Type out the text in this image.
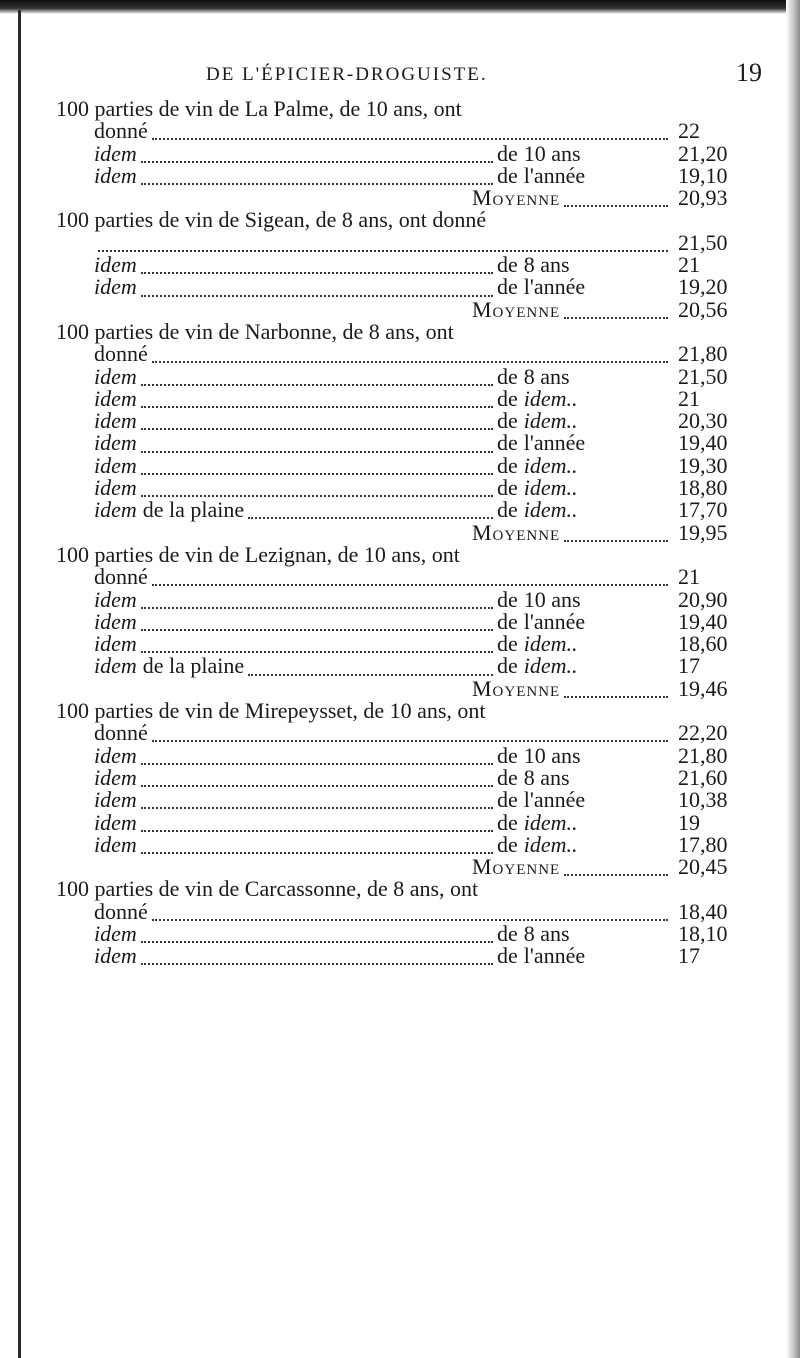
DE L'ÉPICIER-DROGUISTE.	19
100 parties de vin de La Palme, de 10 ans, ont
donné	22
idem	de 10 ans	21,20
idem	de l'année	19,10
Moyenne	20,93
100 parties de vin de Sigean, de 8 ans, ont donné
21,50
idem	de 8 ans	21
idem	de l'année	19,20
Moyenne	20,56
100 parties de vin de Narbonne, de 8 ans, ont
donné	21,80
idem	de 8 ans	21,50
idem	de idem..	21
idem	de idem..	20,30
idem	de l'année	19,40
idem	de idem..	19,30
idem	de idem..	18,80
idem de la plaine	de idem..	17,70
Moyenne	19,95
100 parties de vin de Lezignan, de 10 ans, ont
donné	21
idem	de 10 ans	20,90
idem	de l'année	19,40
idem	de idem..	18,60
idem de la plaine	de idem..	17
Moyenne	19,46
100 parties de vin de Mirepeysset, de 10 ans, ont
donné	22,20
idem	de 10 ans	21,80
idem	de 8 ans	21,60
idem	de l'année	10,38
idem	de idem..	19
idem	de idem..	17,80
Moyenne	20,45
100 parties de vin de Carcassonne, de 8 ans, ont
donné	18,40
idem	de 8 ans	18,10
idem	de l'année	17
